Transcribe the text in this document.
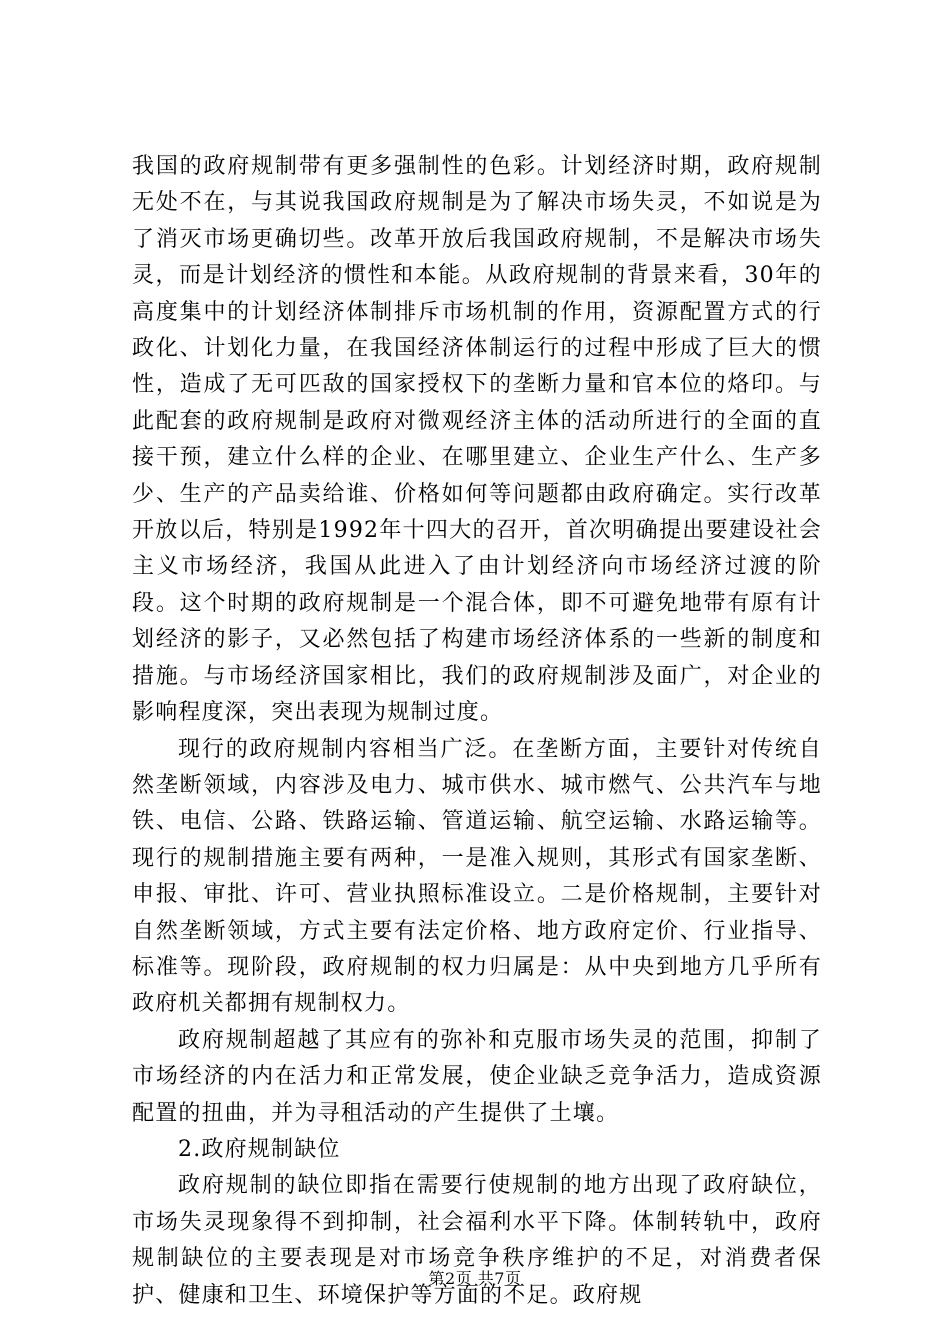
我国的政府规制带有更多强制性的色彩。计划经济时期，政府规制无处不在，与其说我国政府规制是为了解决市场失灵，不如说是为了消灭市场更确切些。改革开放后我国政府规制，不是解决市场失灵，而是计划经济的惯性和本能。从政府规制的背景来看，30年的高度集中的计划经济体制排斥市场机制的作用，资源配置方式的行政化、计划化力量，在我国经济体制运行的过程中形成了巨大的惯性，造成了无可匹敌的国家授权下的垄断力量和官本位的烙印。与此配套的政府规制是政府对微观经济主体的活动所进行的全面的直接干预，建立什么样的企业、在哪里建立、企业生产什么、生产多少、生产的产品卖给谁、价格如何等问题都由政府确定。实行改革开放以后，特别是1992年十四大的召开，首次明确提出要建设社会主义市场经济，我国从此进入了由计划经济向市场经济过渡的阶段。这个时期的政府规制是一个混合体，即不可避免地带有原有计划经济的影子，又必然包括了构建市场经济体系的一些新的制度和措施。与市场经济国家相比，我们的政府规制涉及面广，对企业的影响程度深，突出表现为规制过度。

现行的政府规制内容相当广泛。在垄断方面，主要针对传统自然垄断领域，内容涉及电力、城市供水、城市燃气、公共汽车与地铁、电信、公路、铁路运输、管道运输、航空运输、水路运输等。现行的规制措施主要有两种，一是准入规则，其形式有国家垄断、申报、审批、许可、营业执照标准设立。二是价格规制，主要针对自然垄断领域，方式主要有法定价格、地方政府定价、行业指导、标准等。现阶段，政府规制的权力归属是：从中央到地方几乎所有政府机关都拥有规制权力。

政府规制超越了其应有的弥补和克服市场失灵的范围，抑制了市场经济的内在活力和正常发展，使企业缺乏竞争活力，造成资源配置的扭曲，并为寻租活动的产生提供了土壤。

2.政府规制缺位

政府规制的缺位即指在需要行使规制的地方出现了政府缺位，市场失灵现象得不到抑制，社会福利水平下降。体制转轨中，政府规制缺位的主要表现是对市场竞争秩序维护的不足，对消费者保护、健康和卫生、环境保护等方面的不足。政府规

第2页 共7页
